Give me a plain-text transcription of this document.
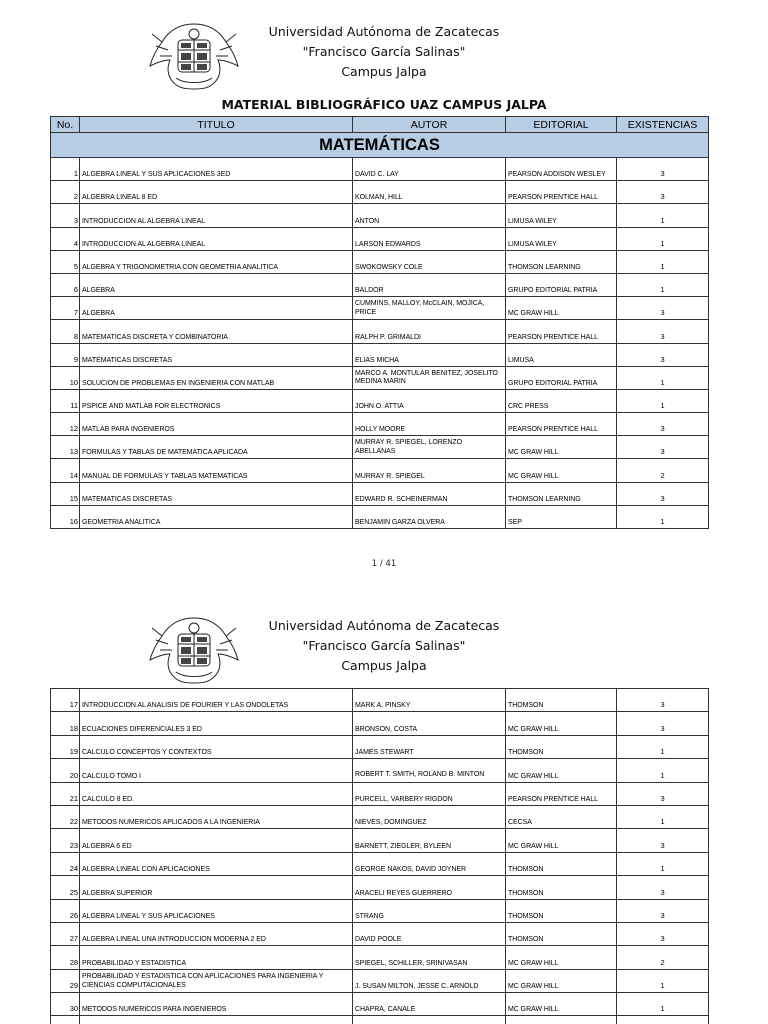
Universidad Autónoma de Zacatecas
"Francisco García Salinas"
Campus Jalpa
MATERIAL BIBLIOGRÁFICO UAZ CAMPUS JALPA
No.	TITULO	AUTOR	EDITORIAL	EXISTENCIAS
MATEMÁTICAS				
1	ALGEBRA LINEAL Y SUS APLICACIONES 3ED	DAVID C. LAY	PEARSON ADDISON WESLEY	3
2	ALGEBRA LINEAL 8 ED	KOLMAN, HILL	PEARSON PRENTICE HALL	3
3	INTRODUCCION AL ALGEBRA LINEAL	ANTON	LIMUSA WILEY	1
4	INTRODUCCION AL ALGEBRA LINEAL	LARSON EDWARDS	LIMUSA WILEY	1
5	ALGEBRA Y TRIGONOMETRIA CON GEOMETRIA ANALITICA	SWOKOWSKY COLE	THOMSON LEARNING	1
6	ALGEBRA	BALDOR	GRUPO EDITORIAL PATRIA	1
7	ALGEBRA	CUMMINS, MALLOY, McCLAIN, MOJICA, PRICE	MC GRAW HILL	3
8	MATEMATICAS DISCRETA Y COMBINATORIA	RALPH P. GRIMALDI	PEARSON PRENTICE HALL	3
9	MATEMATICAS DISCRETAS	ELIAS MICHA	LIMUSA	3
10	SOLUCION DE PROBLEMAS EN INGENIERIA CON MATLAB	MARCO A. MONTULAR BENITEZ, JOSELITO MEDINA MARIN	GRUPO EDITORIAL PATRIA	1
11	PSPICE AND MATLAB FOR ELECTRONICS	JOHN O. ATTIA	CRC PRESS	1
12	MATLAB PARA INGENIEROS	HOLLY MOORE	PEARSON PRENTICE HALL	3
13	FORMULAS Y TABLAS DE MATEMATICA APLICADA	MURRAY R. SPIEGEL, LORENZO ABELLANAS	MC GRAW HILL	3
14	MANUAL DE FORMULAS Y TABLAS MATEMATICAS	MURRAY R. SPIEGEL	MC GRAW HILL	2
15	MATEMATICAS DISCRETAS	EDWARD R. SCHEINERMAN	THOMSON LEARNING	3
16	GEOMETRIA ANALITICA	BENJAMIN GARZA OLVERA	SEP	1
1 / 41
Universidad Autónoma de Zacatecas
"Francisco García Salinas"
Campus Jalpa
17	INTRODUCCION AL ANALISIS DE FOURIER Y LAS ONDOLETAS	MARK A. PINSKY	THOMSON	3
18	ECUACIONES DIFERENCIALES 3 ED	BRONSON, COSTA	MC GRAW HILL	3
19	CALCULO CONCEPTOS Y CONTEXTOS	JAMES STEWART	THOMSON	1
20	CALCULO TOMO I	ROBERT T. SMITH, ROLAND B. MINTON	MC GRAW HILL	1
21	CALCULO 8 ED.	PURCELL, VARBERY RIGDON	PEARSON PRENTICE HALL	3
22	METODOS NUMERICOS APLICADOS A LA INGENIERIA	NIEVES, DOMINGUEZ	CECSA	1
23	ALGEBRA 6 ED	BARNETT, ZIEGLER, BYLEEN	MC GRAW HILL	3
24	ALGEBRA LINEAL CON APLICACIONES	GEORGE NAKOS, DAVID JOYNER	THOMSON	1
25	ALGEBRA SUPERIOR	ARACELI REYES GUERRERO	THOMSON	3
26	ALGEBRA LINEAL Y SUS APLICACIONES	STRANG	THOMSON	3
27	ALGEBRA LINEAL UNA INTRODUCCION MODERNA 2 ED	DAVID POOLE	THOMSON	3
28	PROBABILIDAD Y ESTADISTICA	SPIEGEL, SCHILLER, SRINIVASAN	MC GRAW HILL	2
29	PROBABILIDAD Y ESTADISTICA CON APLICACIONES PARA INGENIERIA Y CIENCIAS COMPUTACIONALES	J. SUSAN MILTON, JESSE C. ARNOLD	MC GRAW HILL	1
30	METODOS NUMERICOS PARA INGENIEROS	CHAPRA, CANALE	MC GRAW HILL	1
